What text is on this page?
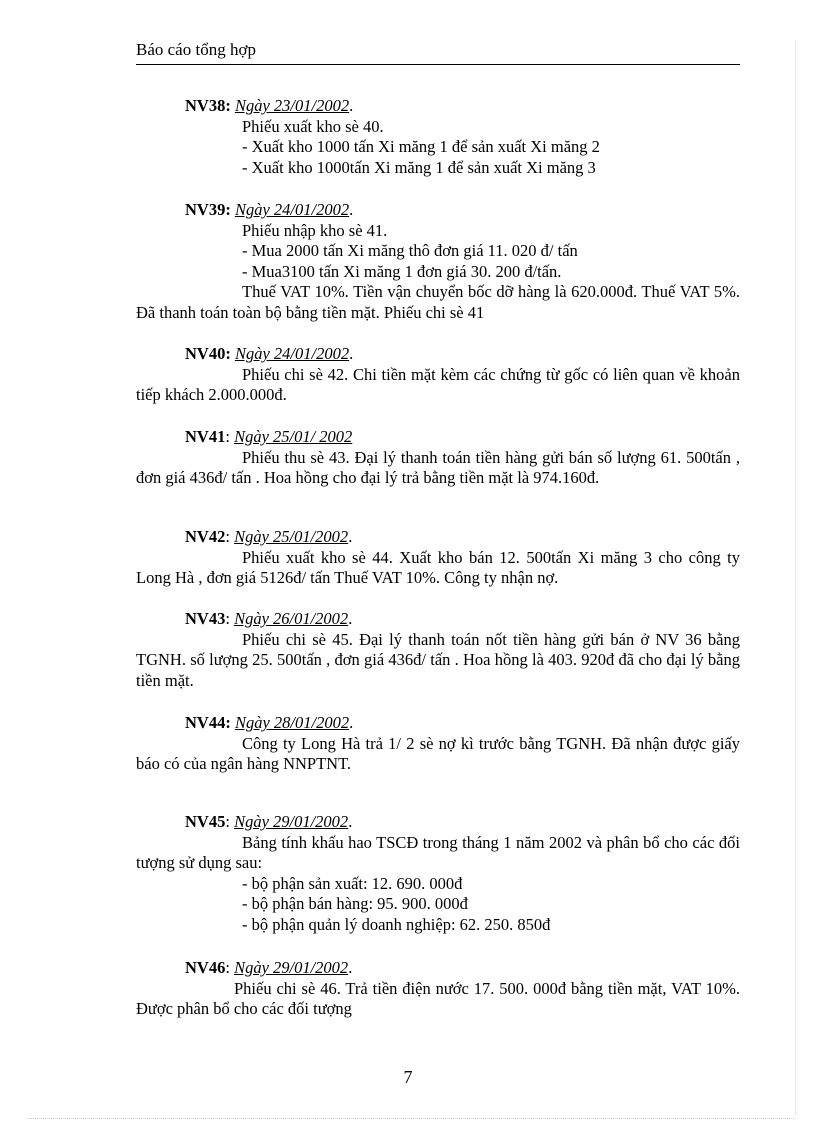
Báo cáo tổng hợp
NV38: Ngày 23/01/2002.
Phiếu xuất kho sè 40.
- Xuất kho 1000 tấn Xi măng 1 để sản xuất Xi măng 2
- Xuất kho 1000tấn Xi măng 1 để sản xuất Xi măng 3
NV39: Ngày 24/01/2002.
Phiếu nhập kho sè 41.
- Mua 2000 tấn Xi măng thô đơn giá 11. 020 đ/ tấn
- Mua3100 tấn Xi măng 1 đơn giá 30. 200 đ/tấn.
Thuế VAT 10%. Tiền vận chuyển bốc dỡ hàng là 620.000đ. Thuế VAT 5%. Đã thanh toán toàn bộ bằng tiền mặt. Phiếu chi sè 41
NV40: Ngày 24/01/2002.
Phiếu chi sè 42. Chi tiền mặt kèm các chứng từ gốc có liên quan về khoản tiếp khách 2.000.000đ.
NV41: Ngày 25/01/ 2002
Phiếu thu sè 43. Đại lý thanh toán tiền hàng gửi bán số lượng 61. 500tấn , đơn giá 436đ/ tấn . Hoa hồng cho đại lý trả bằng tiền mặt là 974.160đ.
NV42: Ngày 25/01/2002.
Phiếu xuất kho sè 44. Xuất kho bán 12. 500tấn Xi măng 3 cho công ty Long Hà , đơn giá 5126đ/ tấn Thuế VAT 10%. Công ty nhận nợ.
NV43: Ngày 26/01/2002.
Phiếu chi sè 45. Đại lý thanh toán nốt tiền hàng gửi bán ở NV 36 bằng TGNH. số lượng 25. 500tấn , đơn giá 436đ/ tấn . Hoa hồng là 403. 920đ đã cho đại lý bằng tiền mặt.
NV44: Ngày 28/01/2002.
Công ty Long Hà trả 1/ 2 sè nợ kì trước bằng TGNH. Đã nhận được giấy báo có của ngân hàng NNPTNT.
NV45: Ngày 29/01/2002.
Bảng tính khấu hao TSCĐ trong tháng 1 năm 2002 và phân bổ cho các đối tượng sử dụng sau:
- bộ phận sản xuất: 12. 690. 000đ
- bộ phận bán hàng: 95. 900. 000đ
- bộ phận quản lý doanh nghiệp: 62. 250. 850đ
NV46: Ngày 29/01/2002.
Phiếu chi sè 46. Trả tiền điện nước 17. 500. 000đ bằng tiền mặt, VAT 10%. Được phân bổ cho các đối tượng
7
